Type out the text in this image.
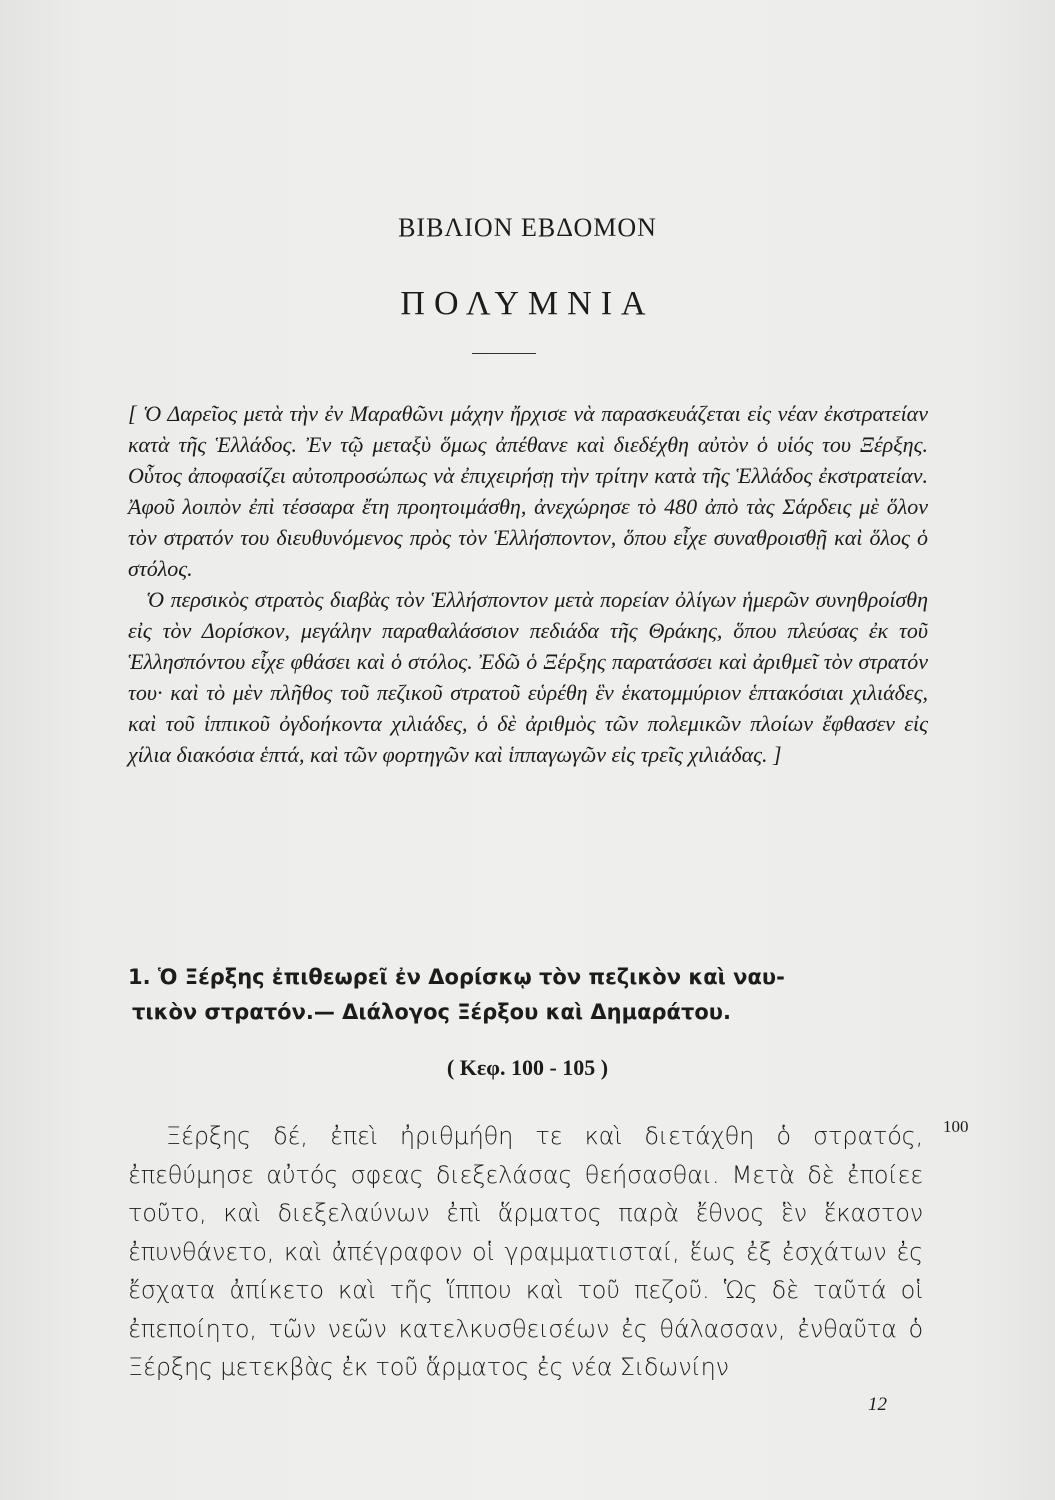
ΒΙΒΛΙΟΝ ΕΒΔΟΜΟΝ
ΠΟΛΥΜΝΙΑ

[ Ὁ Δαρεῖος μετὰ τὴν ἐν Μαραθῶνι μάχην ἤρχισε νὰ παρασκευάζεται εἰς νέαν ἐκστρατείαν κατὰ τῆς Ἑλλάδος. Ἐν τῷ μεταξὺ ὅμως ἀπέθανε καὶ διεδέχθη αὐτὸν ὁ υἱός του Ξέρξης. Οὗτος ἀποφασίζει αὐτοπροσώπως νὰ ἐπιχειρήσῃ τὴν τρίτην κατὰ τῆς Ἑλλάδος ἐκστρατείαν. Ἀφοῦ λοιπὸν ἐπὶ τέσσαρα ἔτη προητοιμάσθη, ἀνεχώρησε τὸ 480 ἀπὸ τὰς Σάρδεις μὲ ὅλον τὸν στρατόν του διευθυνόμενος πρὸς τὸν Ἑλλήσποντον, ὅπου εἶχε συναθροισθῇ καὶ ὅλος ὁ στόλος.

Ὁ περσικὸς στρατὸς διαβὰς τὸν Ἑλλήσποντον μετὰ πορείαν ὀλίγων ἡμερῶν συνηθροίσθη εἰς τὸν Δορίσκον, μεγάλην παραθαλάσσιον πεδιάδα τῆς Θράκης, ὅπου πλεύσας ἐκ τοῦ Ἑλλησπόντου εἶχε φθάσει καὶ ὁ στόλος. Ἐδῶ ὁ Ξέρξης παρατάσσει καὶ ἀριθμεῖ τὸν στρατόν του· καὶ τὸ μὲν πλῆθος τοῦ πεζικοῦ στρατοῦ εὑρέθη ἓν ἑκατομμύριον ἑπτακόσιαι χιλιάδες, καὶ τοῦ ἱππικοῦ ὀγδοήκοντα χιλιάδες, ὁ δὲ ἀριθμὸς τῶν πολεμικῶν πλοίων ἔφθασεν εἰς χίλια διακόσια ἑπτά, καὶ τῶν φορτηγῶν καὶ ἱππαγωγῶν εἰς τρεῖς χιλιάδας. ]

1. Ὁ Ξέρξης ἐπιθεωρεῖ ἐν Δορίσκῳ τὸν πεζικὸν καὶ ναυ-
τικὸν στρατόν.— Διάλογος Ξέρξου καὶ Δημαράτου.
( Κεφ. 100 - 105 )

Ξέρξης δέ, ἐπεὶ ἠριθμήθη τε καὶ διετάχθη ὁ στρατός, ἐπεθύμησε αὐτός σφεας διεξελάσας θεήσασθαι. Μετὰ δὲ ἐποίεε τοῦτο, καὶ διεξελαύνων ἐπὶ ἅρματος παρὰ ἔθνος ἓν ἕκαστον ἐπυνθάνετο, καὶ ἀπέγραφον οἱ γραμματισταί, ἕως ἐξ ἐσχάτων ἐς ἔσχατα ἀπίκετο καὶ τῆς ἵππου καὶ τοῦ πεζοῦ. Ὡς δὲ ταῦτά οἱ ἐπεποίητο, τῶν νεῶν κατελκυσθεισέων ἐς θάλασσαν, ἐνθαῦτα ὁ Ξέρξης μετεκβὰς ἐκ τοῦ ἅρματος ἐς νέα Σιδωνίην

100
12
